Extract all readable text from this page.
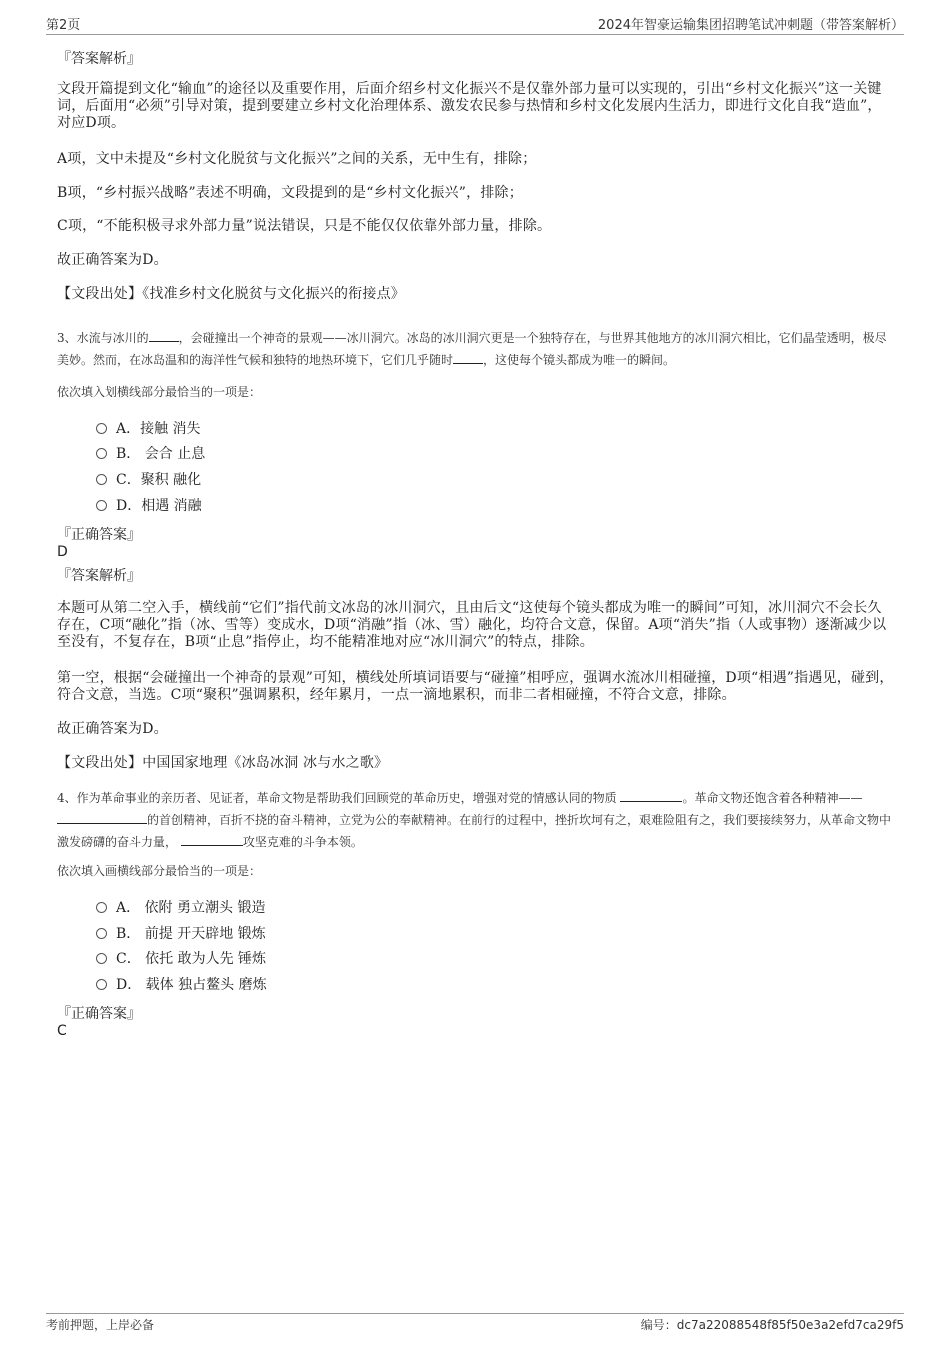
第2页	2024年智豪运输集团招聘笔试冲刺题（带答案解析）
『答案解析』

文段开篇提到文化“输血”的途径以及重要作用，后面介绍乡村文化振兴不是仅靠外部力量可以实现的，引出“乡村文化振兴”这一关键词，后面用“必须”引导对策，提到要建立乡村文化治理体系、激发农民参与热情和乡村文化发展内生活力，即进行文化自我“造血”，对应D项。

A项，文中未提及“乡村文化脱贫与文化振兴”之间的关系，无中生有，排除；

B项，“乡村振兴战略”表述不明确，文段提到的是“乡村文化振兴”，排除；

C项，“不能积极寻求外部力量”说法错误，只是不能仅仅依靠外部力量，排除。

故正确答案为D。

【文段出处】《找准乡村文化脱贫与文化振兴的衔接点》

3、水流与冰川的	，会碰撞出一个神奇的景观——冰川洞穴。冰岛的冰川洞穴更是一个独特存在，与世界其他地方的冰川洞穴相比，它们晶莹透明，极尽美妙。然而，在冰岛温和的海洋性气候和独特的地热环境下，它们几乎随时	，这使每个镜头都成为唯一的瞬间。

依次填入划横线部分最恰当的一项是：

A．接触 消失
B． 会合 止息
C．聚积 融化
D．相遇 消融
『正确答案』
D
『答案解析』

本题可从第二空入手，横线前“它们”指代前文冰岛的冰川洞穴，且由后文“这使每个镜头都成为唯一的瞬间”可知，冰川洞穴不会长久存在，C项“融化”指（冰、雪等）变成水，D项“消融”指（冰、雪）融化，均符合文意，保留。A项“消失”指（人或事物）逐渐减少以至没有，不复存在，B项“止息”指停止，均不能精准地对应“冰川洞穴”的特点，排除。

第一空，根据“会碰撞出一个神奇的景观”可知，横线处所填词语要与“碰撞”相呼应，强调水流冰川相碰撞，D项“相遇”指遇见，碰到，符合文意，当选。C项“聚积”强调累积，经年累月，一点一滴地累积，而非二者相碰撞，不符合文意，排除。

故正确答案为D。

【文段出处】中国国家地理《冰岛冰洞 冰与水之歌》

4、作为革命事业的亲历者、见证者，革命文物是帮助我们回顾党的革命历史，增强对党的情感认同的物质	。革命文物还饱含着各种精神——的首创精神，百折不挠的奋斗精神，立党为公的奉献精神。在前行的过程中，挫折坎坷有之，艰难险阻有之，我们要接续努力，从革命文物中激发磅礴的奋斗力量，	攻坚克难的斗争本领。

依次填入画横线部分最恰当的一项是：

A． 依附 勇立潮头 锻造
B． 前提 开天辟地 锻炼
C． 依托 敢为人先 锤炼
D． 载体 独占鳌头 磨炼
『正确答案』
C
考前押题，上岸必备	编号：dc7a22088548f85f50e3a2efd7ca29f5
